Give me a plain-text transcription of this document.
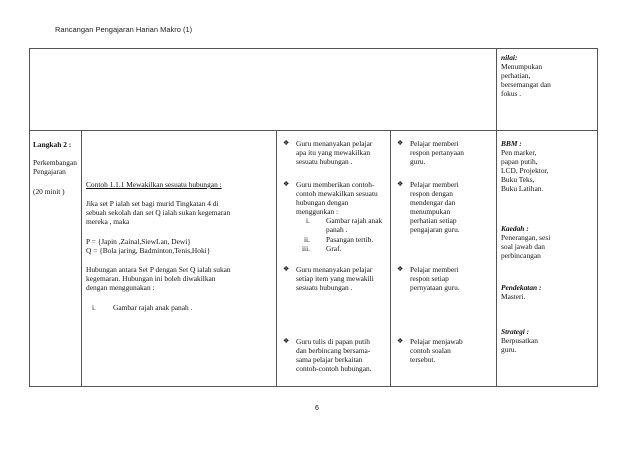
Rancangan Pengajaran Harian Makro (1)
nilai:
Menumpukan
perhatian,
bersemangat dan
fokus .
Langkah 2 :
Perkembangan
Pengajaran
(20 minit )
Contoh 1.1.1 Mewakilkan sesuatu hubungan :
Jika set P ialah set bagi murid Tingkatan 4 di
sebuah sekolah dan set Q ialah sukan kegemaran
mereka , maka
P = {Japin ,Zainal,SiewLan, Dewi}
Q = {Bola jaring, Badminton,Tenis,Hoki}
Hubungan antara Set P dengan Set Q ialah sukan
kegemaran. Hubungan ini boleh diwakilkan
dengan menggunakan :
i. Gambar rajah anak panah .
❖ Guru menanyakan pelajar
apa itu yang mewakilkan
sesuatu hubungan .
❖ Guru memberikan contoh-
contoh mewakilkan sesuatu
hubungan dengan
menggunkan :
i. Gambar rajah anak
panah .
ii. Pasangan tertib.
iii. Graf.
❖ Guru menanyakan pelajar
setiap item yang mewakili
sesuatu hubungan .
❖ Guru tulis di papan putih
dan berbincang bersama-
sama pelajar berkaitan
contoh-contoh hubungan.
❖ Pelajar memberi
respon pertanyaan
guru.
❖ Pelajar memberi
respon dengan
mendengar dan
menumpukan
perhatian setiap
pengajaran guru.
❖ Pelajar memberi
respon setiap
pernyataan guru.
❖ Pelajar menjawab
contoh soalan
tersebut.
BBM :
Pen marker,
papan putih,
LCD, Projektor,
Buku Teks,
Buku Latihan.
Kaedah :
Penerangan, sesi
soal jawab dan
perbincangan
Pendekatan :
Masteri.
Strategi :
Berpusatkan
guru.
6
